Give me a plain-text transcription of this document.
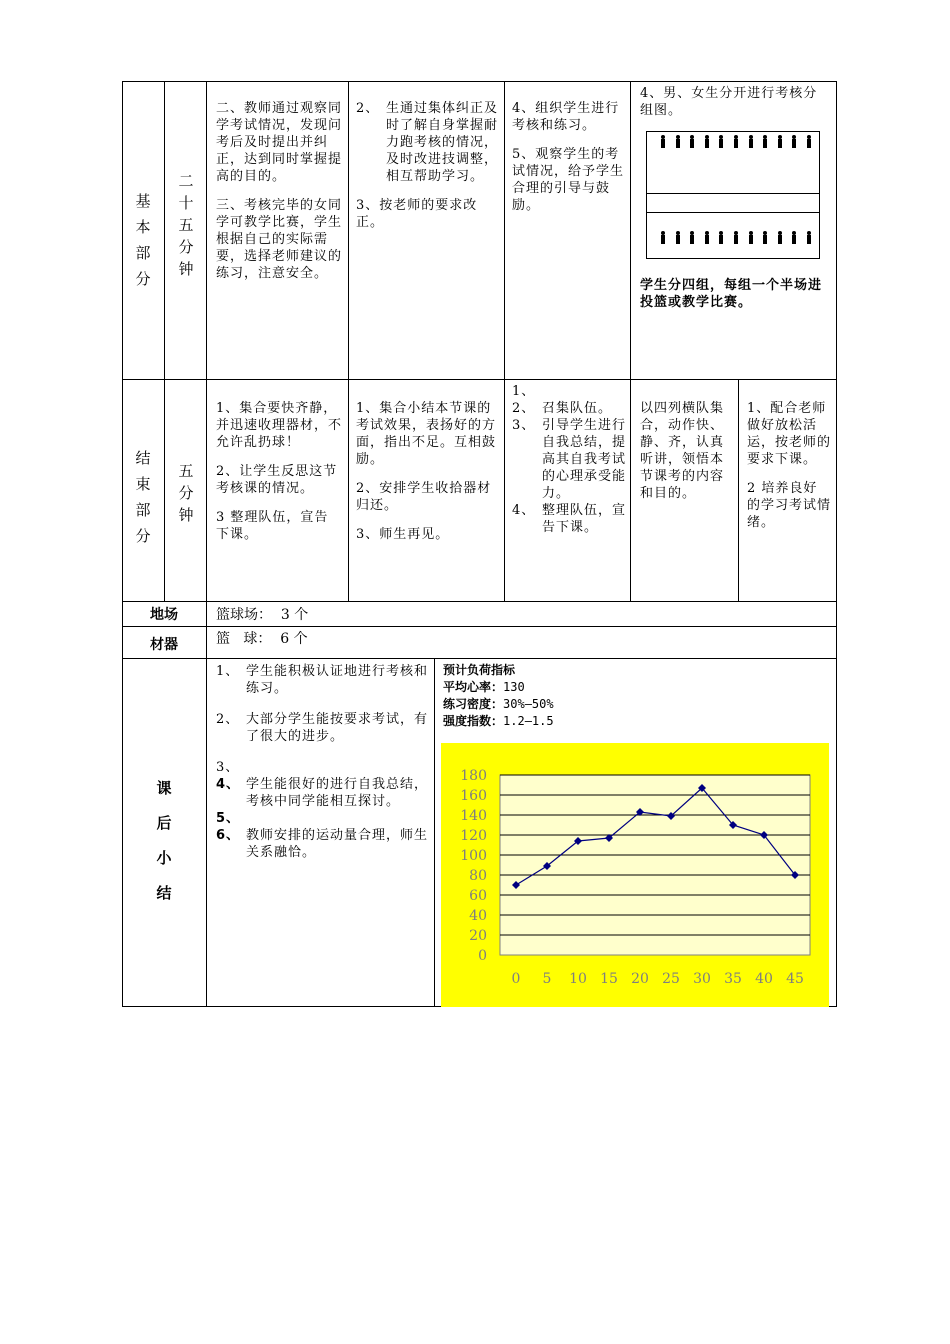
基
本
部
分
二
十
五
分
钟

二、教师通过观察同学考试情况，发现问考后及时提出并纠正，达到同时掌握提高的目的。

三、考核完毕的女同学可教学比赛，学生根据自己的实际需要，选择老师建议的练习，注意安全。

2、 生通过集体纠正及时了解自身掌握耐力跑考核的情况，及时改进技调整，相互帮助学习。
3、按老师的要求改正。

4、组织学生进行考核和练习。

5、观察学生的考试情况，给予学生合理的引导与鼓励。

4、男、女生分开进行考核分组图。
学生分四组，每组一个半场进投篮或教学比赛。
结
束
部
分
五
分
钟

1、集合要快齐静，并迅速收理器材，不允许乱扔球！

2、让学生反思这节考核课的情况。

3 整理队伍，宣告下课。

1、集合小结本节课的考试效果，表扬好的方面，指出不足。互相鼓励。

2、安排学生收拾器材归还。

3、师生再见。

1、
2、 召集队伍。
3、 引导学生进行自我总结，提高其自我考试的心理承受能力。
4、 整理队伍，宣告下课。
以四列横队集合，动作快、静、齐，认真听讲，领悟本节课考的内容和目的。

1、配合老师做好放松活运，按老师的要求下课。

2 培养良好的学习考试情绪。

地场	篮球场：  3 个
材器	篮   球：  6 个
课
后
小
结
1、 学生能积极认证地进行考核和练习。
2、 大部分学生能按要求考试，有了很大的进步。
3、
4、 学生能很好的进行自我总结，考核中同学能相互探讨。
5、
6、 教师安排的运动量合理，师生关系融恰。
预计负荷指标
平均心率：130
练习密度：30%—50%
强度指数：1.2—1.5
0
20
40
60
80
100
120
140
160
180
0 5 10 15 20 25 30 35 40 45
